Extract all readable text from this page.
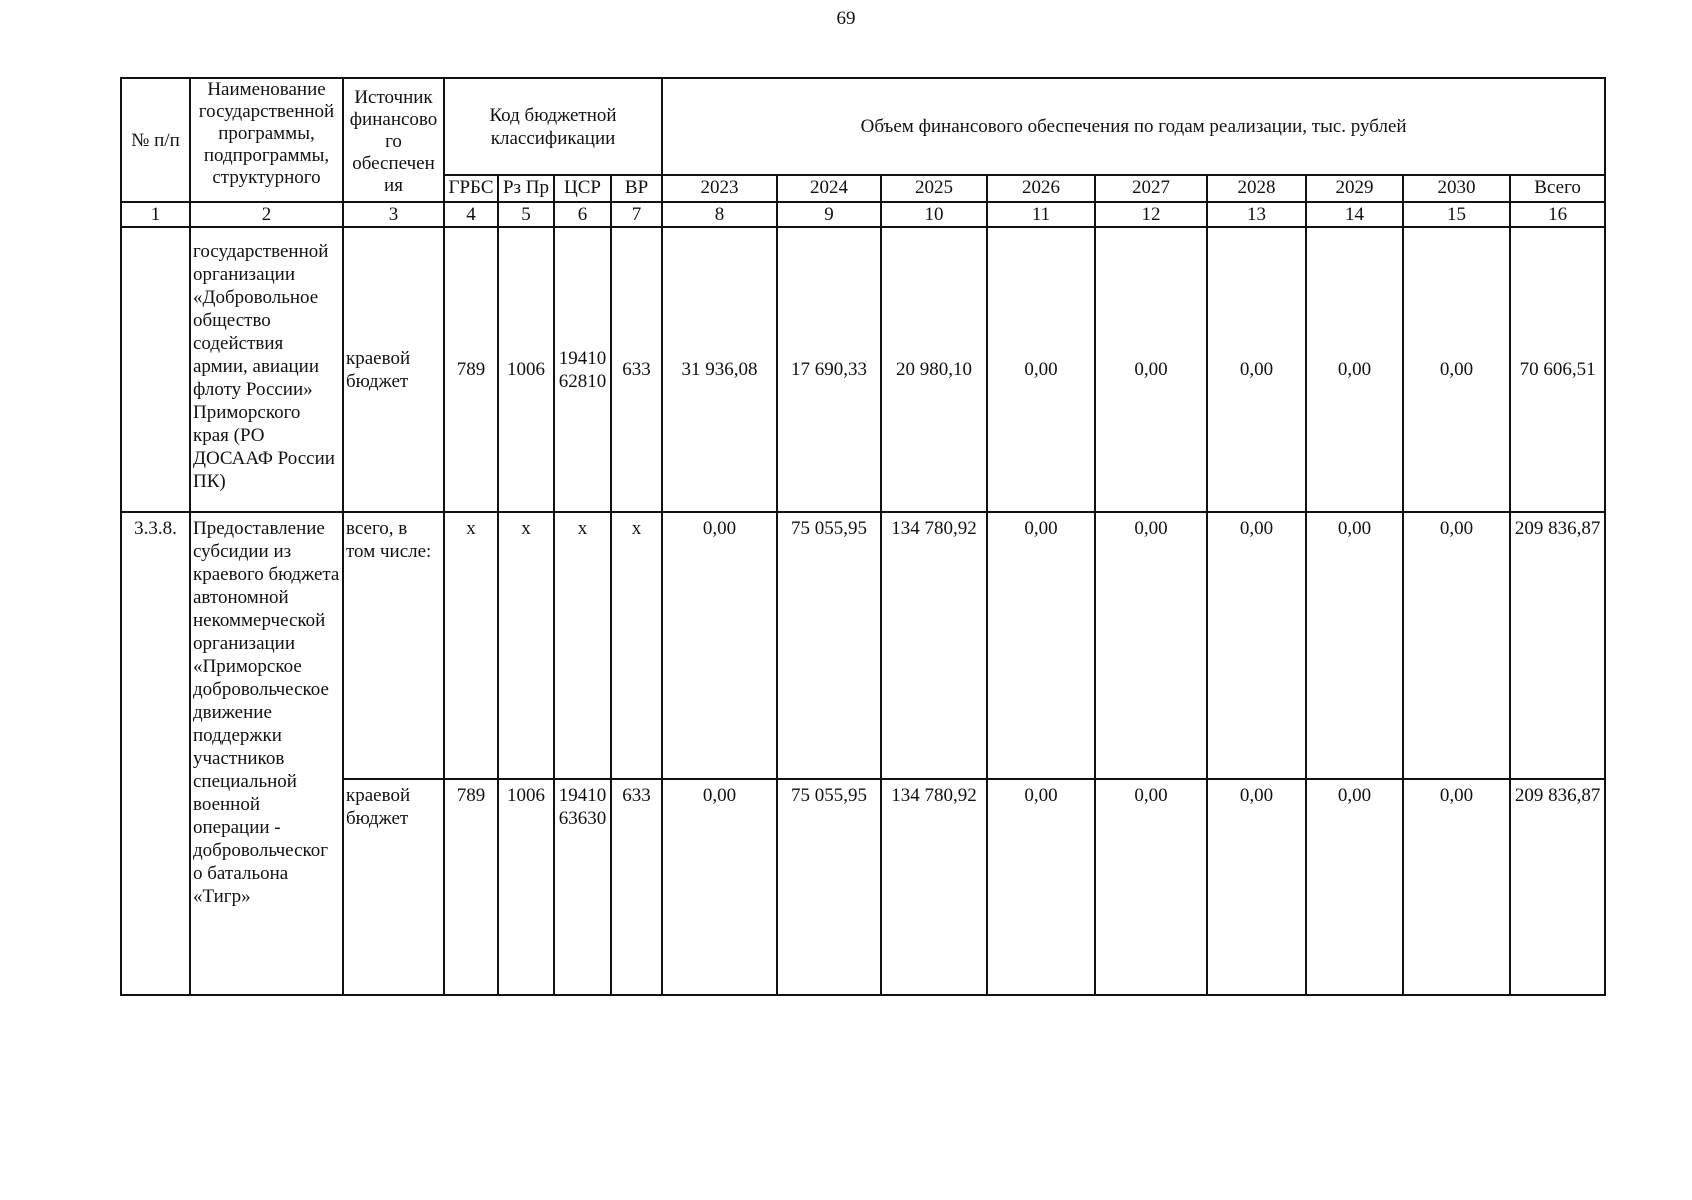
69
№ п/п	Наименование государственной программы, подпрограммы, структурного	Источник финансово го обеспечен ия	Код бюджетной классификации				Объем финансового обеспечения по годам реализации, тыс. рублей								
			ГРБС	Рз Пр	ЦСР	ВР	2023	2024	2025	2026	2027	2028	2029	2030	Всего
1	2	3	4	5	6	7	8	9	10	11	12	13	14	15	16
	государственной организации «Добровольное общество содействия армии, авиации флоту России» Приморского края (РО ДОСААФ России ПК)	краевой бюджет	789	1006	19410 62810	633	31 936,08	17 690,33	20 980,10	0,00	0,00	0,00	0,00	0,00	70 606,51
3.3.8.	Предоставление субсидии из краевого бюджета автономной некоммерческой организации «Приморское добровольческое движение поддержки участников специальной военной операции - добровольческог о батальона «Тигр»	всего, в том числе:	x	x	x	x	0,00	75 055,95	134 780,92	0,00	0,00	0,00	0,00	0,00	209 836,87
		краевой бюджет	789	1006	19410 63630	633	0,00	75 055,95	134 780,92	0,00	0,00	0,00	0,00	0,00	209 836,87
